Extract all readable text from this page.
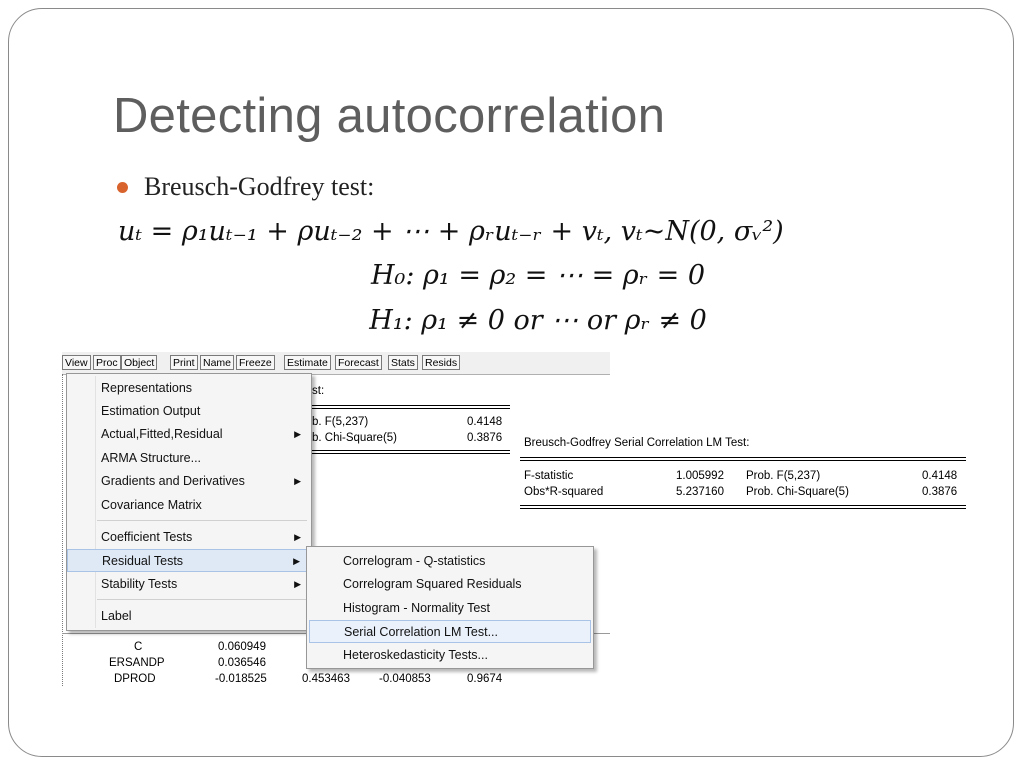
Detecting autocorrelation
Breusch-Godfrey test:
uₜ = ρ₁uₜ₋₁ + ρuₜ₋₂ + ⋯ + ρᵣuₜ₋ᵣ + vₜ, vₜ~N(0, σᵥ²)
H₀: ρ₁ = ρ₂ = ⋯ = ρᵣ = 0
H₁: ρ₁ ≠ 0 or ⋯ or ρᵣ ≠ 0
View Proc Object Print Name Freeze Estimate Forecast Stats Resids
st:
b. F(5,237)	0.4148
b. Chi-Square(5)	0.3876
C	0.060949
ERSANDP	0.036546
DPROD	-0.018525	0.453463	-0.040853	0.9674
Representations
Estimation Output
Actual,Fitted,Residual	▶
ARMA Structure...
Gradients and Derivatives	▶
Covariance Matrix
Coefficient Tests	▶
Residual Tests	▶
Stability Tests	▶
Label
Correlogram - Q-statistics
Correlogram Squared Residuals
Histogram - Normality Test
Serial Correlation LM Test...
Heteroskedasticity Tests...
Breusch-Godfrey Serial Correlation LM Test:
F-statistic	1.005992 Prob. F(5,237)	0.4148
Obs*R-squared	5.237160 Prob. Chi-Square(5)	0.3876
